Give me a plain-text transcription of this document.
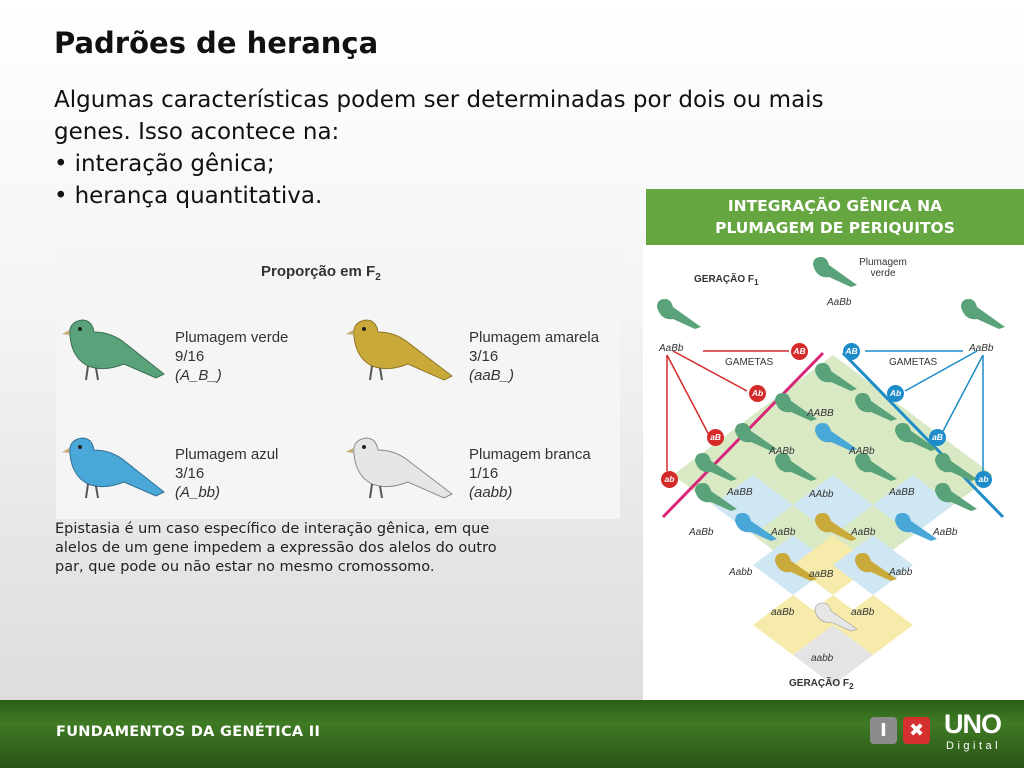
Padrões de herança
Algumas características podem ser determinadas por dois ou mais
genes. Isso acontece na:
• interação gênica;
• herança quantitativa.
Proporção em $F_2$
Plumagem verde
9/16
(A_B_)
Plumagem amarela
3/16
(aaB_)
Plumagem azul
3/16
(A_bb)
Plumagem branca
1/16
(aabb)
Epistasia é um caso específico de interação gênica, em que
alelos de um gene impedem a expressão dos alelos do outro
par, que pode ou não estar no mesmo cromossomo.
INTEGRAÇÃO GÊNICA NA
PLUMAGEM DE PERIQUITOS
GERAÇÃO $F_1$
Plumagem
verde
AaBb
AaBb	AaBb
GAMETAS	GAMETAS
AB
Ab
aB
ab
AB
Ab
aB
ab
AABB
AABb	AABb
AaBB	AAbb	AaBB
AaBb	AaBb	AaBb	AaBb
Aabb	aaBB	Aabb
aaBb	aaBb
aabb
GERAÇÃO $F_2$
FUNDAMENTOS DA GENÉTICA II	I	✖ UNO
Digital
